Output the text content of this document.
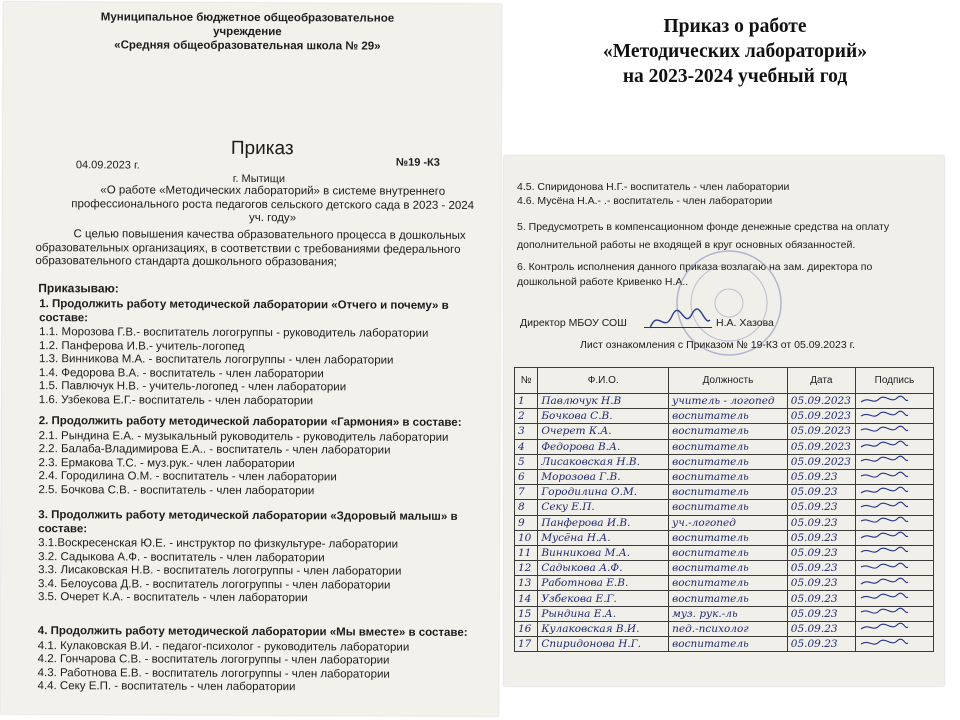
Муниципальное бюджетное общеобразовательное учреждение
«Средняя общеобразовательная школа № 29»
Приказ
04.09.2023 г.	№19 -К3
г. Мытищи
«О работе «Методических лабораторий» в системе внутреннего профессионального роста педагогов сельского детского сада в 2023 - 2024 уч. году»
С целью повышения качества образовательного процесса в дошкольных образовательных организациях, в соответствии с требованиями федерального образовательного стандарта дошкольного образования;
Приказываю:
1. Продолжить работу методической лаборатории «Отчего и почему» в составе:
1.1. Морозова Г.В.- воспитатель логогруппы - руководитель лаборатории
1.2. Панферова И.В.- учитель-логопед
1.3. Винникова М.А. - воспитатель логогруппы - член лаборатории
1.4. Федорова В.А. - воспитатель - член лаборатории
1.5. Павлючук Н.В. - учитель-логопед - член лаборатории
1.6. Узбекова Е.Г.- воспитатель - член лаборатории
2. Продолжить работу методической лаборатории «Гармония» в составе:
2.1. Рындина Е.А. - музыкальный руководитель - руководитель лаборатории
2.2. Балаба-Владимирова Е.А.. - воспитатель - член лаборатории
2.3. Ермакова Т.С. - муз.рук.- член лаборатории
2.4. Городилина О.М. - воспитатель - член лаборатории
2.5. Бочкова С.В. - воспитатель - член лаборатории
3. Продолжить работу методической лаборатории «Здоровый малыш» в составе:
3.1.Воскресенская Ю.Е. - инструктор по физкультуре- лаборатории
3.2. Садыкова А.Ф. - воспитатель - член лаборатории
3.3. Лисаковская Н.В. - воспитатель логогруппы - член лаборатории
3.4. Белоусова Д.В. - воспитатель логогруппы - член лаборатории
3.5. Очерет К.А. - воспитатель - член лаборатории
4. Продолжить работу методической лаборатории «Мы вместе» в составе:
4.1. Кулаковская В.И. - педагог-психолог - руководитель лаборатории
4.2. Гончарова С.В. - воспитатель логогруппы - член лаборатории
4.3. Работнова Е.В. - воспитатель логогруппы - член лаборатории
4.4. Секу Е.П. - воспитатель - член лаборатории
Приказ о работе
«Методических лабораторий»
на 2023-2024 учебный год
4.5. Спиридонова Н.Г.- воспитатель - член лаборатории
4.6. Мусёна Н.А.- .- воспитатель - член лаборатории
5. Предусмотреть в компенсационном фонде денежные средства на оплату
дополнительной работы не входящей в круг основных обязанностей.
6. Контроль исполнения данного приказа возлагаю на зам. директора по
дошкольной работе Кривенко Н.А..
Директор МБОУ СОШ	Н.А. Хазова
Лист ознакомления с Приказом № 19-К3 от 05.09.2023 г.
№	Ф.И.О.	Должность	Дата	Подпись
1	Павлючук Н.В	учитель - логопед	05.09.2023	
2	Бочкова С.В.	воспитатель	05.09.2023	
3	Очерет К.А.	воспитатель	05.09.2023	
4	Федорова В.А.	воспитатель	05.09.2023	
5	Лисаковская Н.В.	воспитатель	05.09.2023	
6	Морозова Г.В.	воспитатель	05.09.23	
7	Городилина О.М.	воспитатель	05.09.23	
8	Секу Е.П.	воспитатель	05.09.23	
9	Панферова И.В.	уч.-логопед	05.09.23	
10	Мусёна Н.А.	воспитатель	05.09.23	
11	Винникова М.А.	воспитатель	05.09.23	
12	Садыкова А.Ф.	воспитатель	05.09.23	
13	Работнова Е.В.	воспитатель	05.09.23	
14	Узбекова Е.Г.	воспитатель	05.09.23	
15	Рындина Е.А.	муз. рук.-ль	05.09.23	
16	Кулаковская В.И.	пед.-психолог	05.09.23	
17	Спиридонова Н.Г.	воспитатель	05.09.23	
